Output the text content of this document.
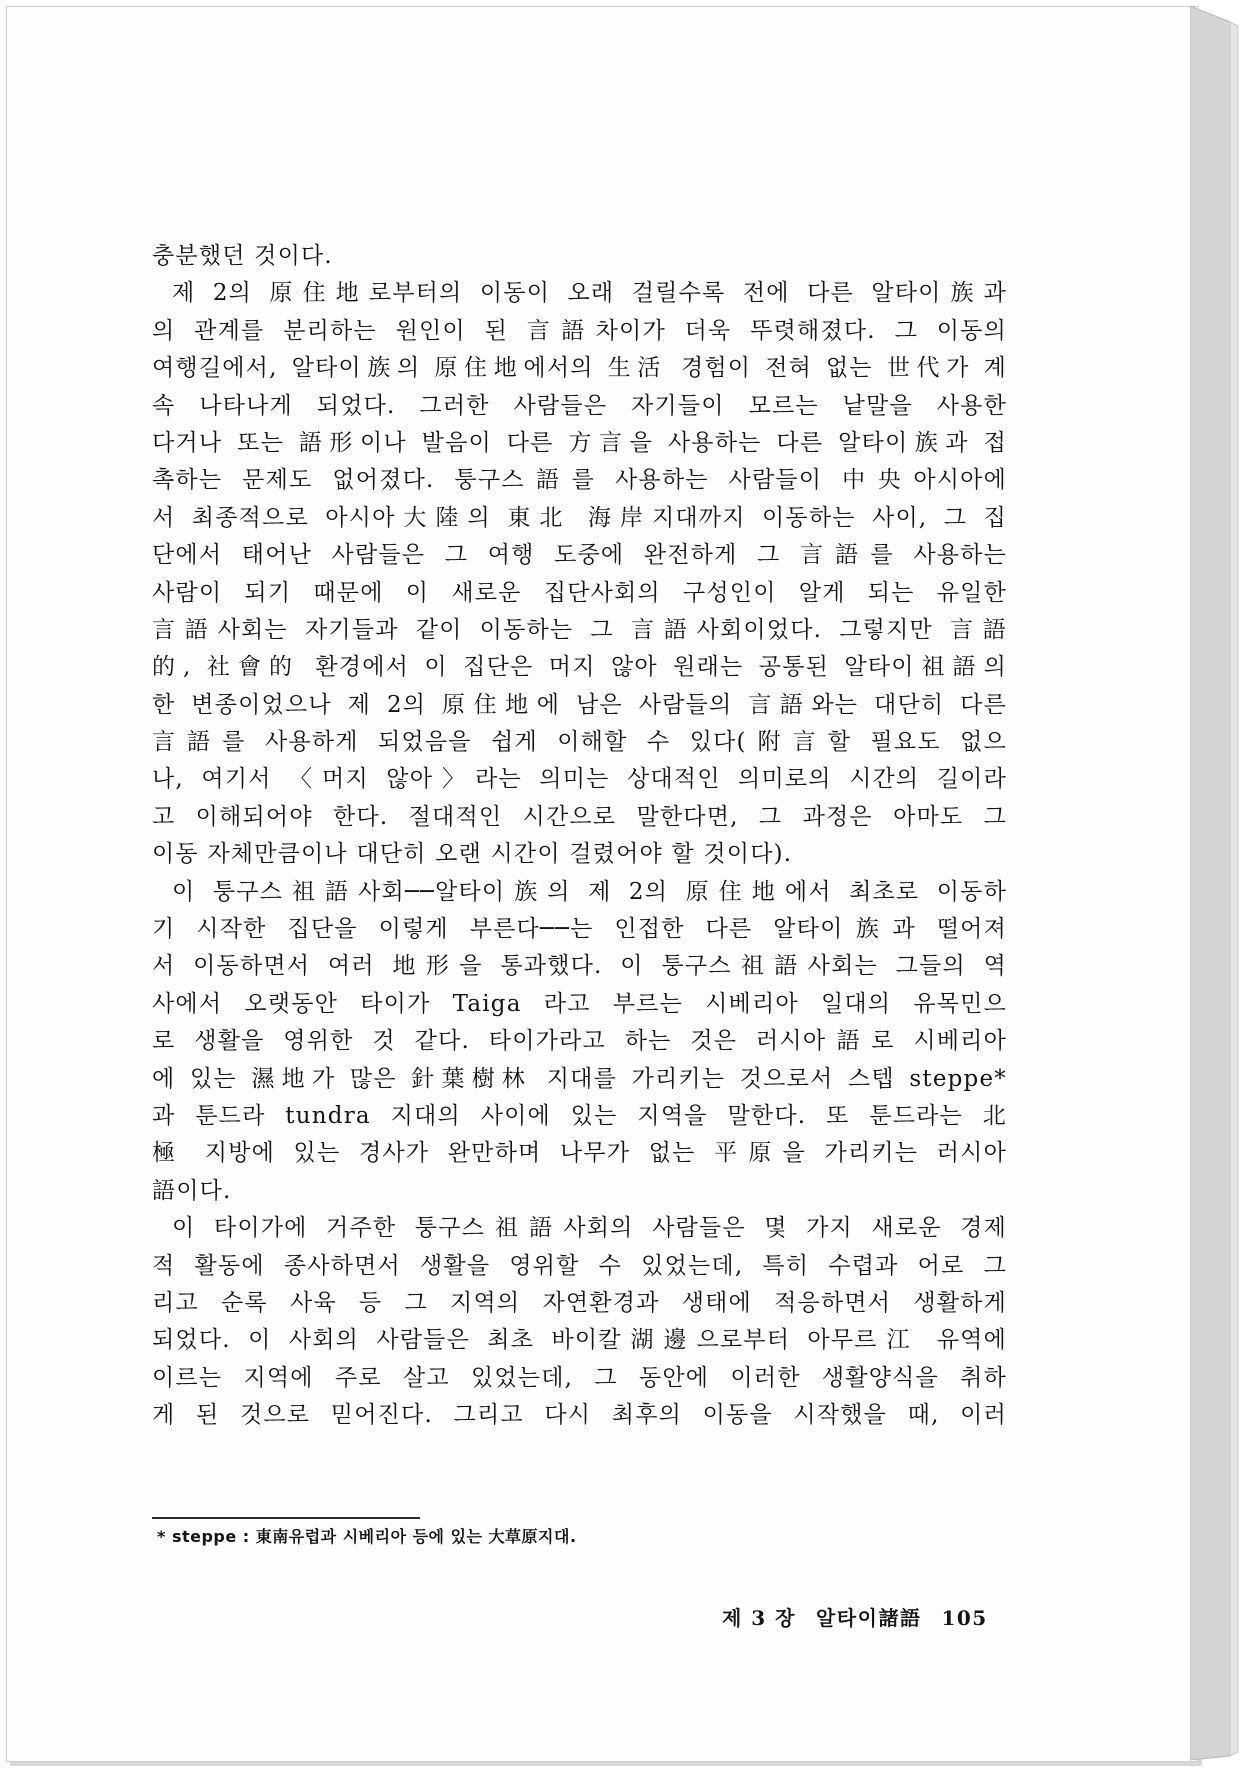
충분했던 것이다.
제 2의 原住地로부터의 이동이 오래 걸릴수록 전에 다른 알타이族과
의 관계를 분리하는 원인이 된 言語차이가 더욱 뚜렷해졌다. 그 이동의
여행길에서, 알타이族의 原住地에서의 生活 경험이 전혀 없는 世代가 계
속 나타나게 되었다. 그러한 사람들은 자기들이 모르는 낱말을 사용한
다거나 또는 語形이나 발음이 다른 方言을 사용하는 다른 알타이族과 접
촉하는 문제도 없어졌다. 퉁구스語를 사용하는 사람들이 中央아시아에
서 최종적으로 아시아大陸의 東北 海岸지대까지 이동하는 사이, 그 집
단에서 태어난 사람들은 그 여행 도중에 완전하게 그 言語를 사용하는
사람이 되기 때문에 이 새로운 집단사회의 구성인이 알게 되는 유일한
言語사회는 자기들과 같이 이동하는 그 言語사회이었다. 그렇지만 言語
的, 社會的 환경에서 이 집단은 머지 않아 원래는 공통된 알타이祖語의
한 변종이었으나 제 2의 原住地에 남은 사람들의 言語와는 대단히 다른
言語를 사용하게 되었음을 쉽게 이해할 수 있다(附言할 필요도 없으
나, 여기서 〈머지 않아〉라는 의미는 상대적인 의미로의 시간의 길이라
고 이해되어야 한다. 절대적인 시간으로 말한다면, 그 과정은 아마도 그
이동 자체만큼이나 대단히 오랜 시간이 걸렸어야 할 것이다).
이 퉁구스祖語사회──알타이族의 제 2의 原住地에서 최초로 이동하
기 시작한 집단을 이렇게 부른다──는 인접한 다른 알타이族과 떨어져
서 이동하면서 여러 地形을 통과했다. 이 퉁구스祖語사회는 그들의 역
사에서 오랫동안 타이가 Taiga 라고 부르는 시베리아 일대의 유목민으
로 생활을 영위한 것 같다. 타이가라고 하는 것은 러시아語로 시베리아
에 있는 濕地가 많은 針葉樹林 지대를 가리키는 것으로서 스텝 steppe*
과 툰드라 tundra 지대의 사이에 있는 지역을 말한다. 또 툰드라는 北
極 지방에 있는 경사가 완만하며 나무가 없는 平原을 가리키는 러시아
語이다.
이 타이가에 거주한 퉁구스祖語사회의 사람들은 몇 가지 새로운 경제
적 활동에 종사하면서 생활을 영위할 수 있었는데, 특히 수렵과 어로 그
리고 순록 사육 등 그 지역의 자연환경과 생태에 적응하면서 생활하게
되었다. 이 사회의 사람들은 최초 바이칼湖邊으로부터 아무르江 유역에
이르는 지역에 주로 살고 있었는데, 그 동안에 이러한 생활양식을 취하
게 된 것으로 믿어진다. 그리고 다시 최후의 이동을 시작했을 때, 이러
* steppe : 東南유럽과 시베리아 등에 있는 大草原지대.
제 3 장 알타이諸語 105
